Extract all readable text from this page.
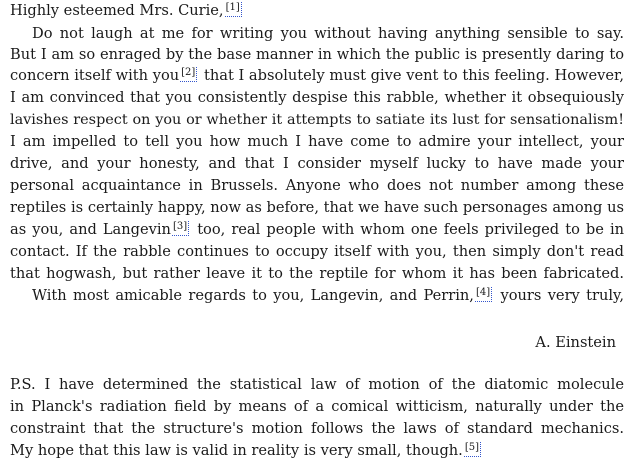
Highly esteemed Mrs. Curie, [1]
Do not laugh at me for writing you without having anything sensible to say.
But I am so enraged by the base manner in which the public is presently daring to
concern itself with you [2] that I absolutely must give vent to this feeling. However,
I am convinced that you consistently despise this rabble, whether it obsequiously
lavishes respect on you or whether it attempts to satiate its lust for sensationalism!
I am impelled to tell you how much I have come to admire your intellect, your
drive, and your honesty, and that I consider myself lucky to have made your
personal acquaintance in Brussels. Anyone who does not number among these
reptiles is certainly happy, now as before, that we have such personages among us
as you, and Langevin [3] too, real people with whom one feels privileged to be in
contact. If the rabble continues to occupy itself with you, then simply don't read
that hogwash, but rather leave it to the reptile for whom it has been fabricated.
With most amicable regards to you, Langevin, and Perrin, [4] yours very truly,
A. Einstein
P.S. I have determined the statistical law of motion of the diatomic molecule
in Planck's radiation field by means of a comical witticism, naturally under the
constraint that the structure's motion follows the laws of standard mechanics.
My hope that this law is valid in reality is very small, though. [5]
